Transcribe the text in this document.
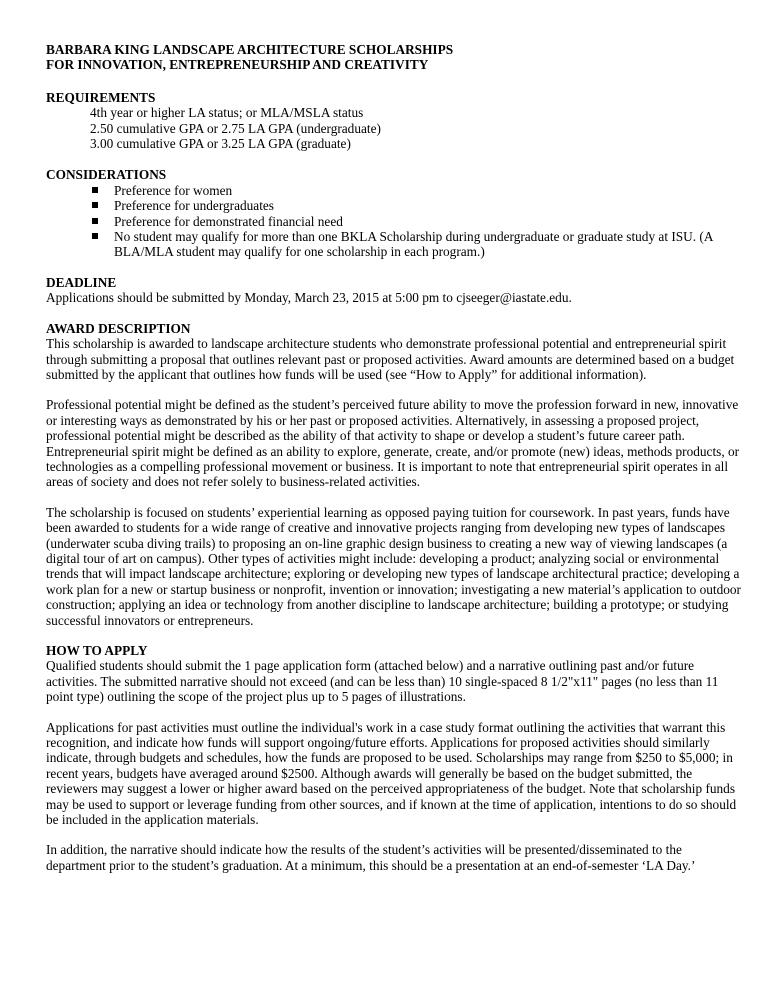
BARBARA KING LANDSCAPE ARCHITECTURE SCHOLARSHIPS

FOR INNOVATION, ENTREPRENEURSHIP AND CREATIVITY

REQUIREMENTS

4th year or higher LA status; or MLA/MSLA status

2.50 cumulative GPA or 2.75 LA GPA (undergraduate)

3.00 cumulative GPA or 3.25 LA GPA (graduate)

CONSIDERATIONS

Preference for women
Preference for undergraduates
Preference for demonstrated financial need
No student may qualify for more than one BKLA Scholarship during undergraduate or graduate study at ISU. (A BLA/MLA student may qualify for one scholarship in each program.)

DEADLINE

Applications should be submitted by Monday, March 23, 2015 at 5:00 pm to cjseeger@iastate.edu.

AWARD DESCRIPTION

This scholarship is awarded to landscape architecture students who demonstrate professional potential and entrepreneurial spirit through submitting a proposal that outlines relevant past or proposed activities. Award amounts are determined based on a budget submitted by the applicant that outlines how funds will be used (see “How to Apply” for additional information).

Professional potential might be defined as the student’s perceived future ability to move the profession forward in new, innovative or interesting ways as demonstrated by his or her past or proposed activities. Alternatively, in assessing a proposed project, professional potential might be described as the ability of that activity to shape or develop a student’s future career path. Entrepreneurial spirit might be defined as an ability to explore, generate, create, and/or promote (new) ideas, methods products, or technologies as a compelling professional movement or business. It is important to note that entrepreneurial spirit operates in all areas of society and does not refer solely to business-related activities.

The scholarship is focused on students’ experiential learning as opposed paying tuition for coursework. In past years, funds have been awarded to students for a wide range of creative and innovative projects ranging from developing new types of landscapes (underwater scuba diving trails) to proposing an on-line graphic design business to creating a new way of viewing landscapes (a digital tour of art on campus). Other types of activities might include: developing a product; analyzing social or environmental trends that will impact landscape architecture; exploring or developing new types of landscape architectural practice; developing a work plan for a new or startup business or nonprofit, invention or innovation; investigating a new material’s application to outdoor construction; applying an idea or technology from another discipline to landscape architecture; building a prototype; or studying successful innovators or entrepreneurs.

HOW TO APPLY

Qualified students should submit the 1 page application form (attached below) and a narrative outlining past and/or future activities. The submitted narrative should not exceed (and can be less than) 10 single-spaced 8 1/2"x11" pages (no less than 11 point type) outlining the scope of the project plus up to 5 pages of illustrations.

Applications for past activities must outline the individual's work in a case study format outlining the activities that warrant this recognition, and indicate how funds will support ongoing/future efforts. Applications for proposed activities should similarly indicate, through budgets and schedules, how the funds are proposed to be used. Scholarships may range from $250 to $5,000; in recent years, budgets have averaged around $2500. Although awards will generally be based on the budget submitted, the reviewers may suggest a lower or higher award based on the perceived appropriateness of the budget. Note that scholarship funds may be used to support or leverage funding from other sources, and if known at the time of application, intentions to do so should be included in the application materials.

In addition, the narrative should indicate how the results of the student’s activities will be presented/disseminated to the department prior to the student’s graduation. At a minimum, this should be a presentation at an end-of-semester ‘LA Day.’
